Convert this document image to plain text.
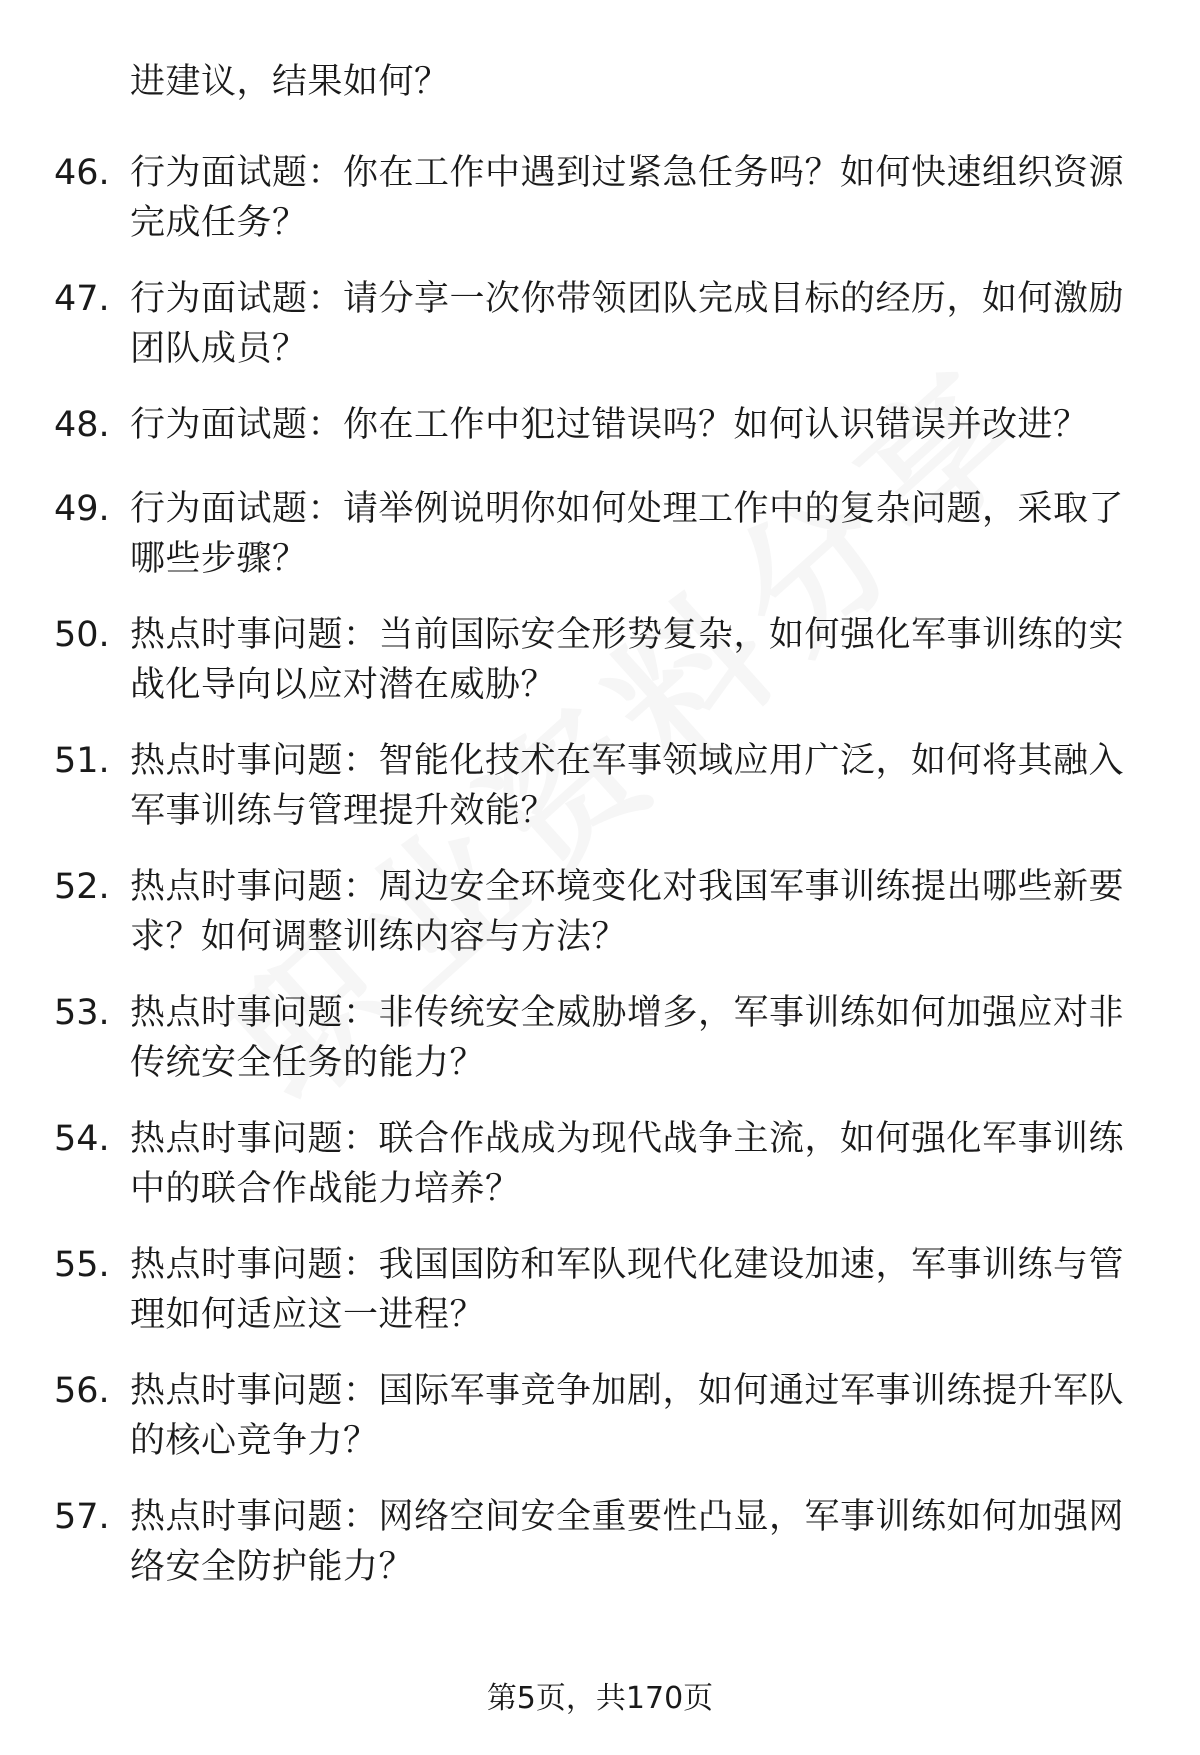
进建议，结果如何？
46. 行为面试题：你在工作中遇到过紧急任务吗？如何快速组织资源完成任务？
47. 行为面试题：请分享一次你带领团队完成目标的经历，如何激励团队成员？
48. 行为面试题：你在工作中犯过错误吗？如何认识错误并改进？
49. 行为面试题：请举例说明你如何处理工作中的复杂问题，采取了哪些步骤？
50. 热点时事问题：当前国际安全形势复杂，如何强化军事训练的实战化导向以应对潜在威胁？
51. 热点时事问题：智能化技术在军事领域应用广泛，如何将其融入军事训练与管理提升效能？
52. 热点时事问题：周边安全环境变化对我国军事训练提出哪些新要求？如何调整训练内容与方法？
53. 热点时事问题：非传统安全威胁增多，军事训练如何加强应对非传统安全任务的能力？
54. 热点时事问题：联合作战成为现代战争主流，如何强化军事训练中的联合作战能力培养？
55. 热点时事问题：我国国防和军队现代化建设加速，军事训练与管理如何适应这一进程？
56. 热点时事问题：国际军事竞争加剧，如何通过军事训练提升军队的核心竞争力？
57. 热点时事问题：网络空间安全重要性凸显，军事训练如何加强网络安全防护能力？
第5页，共170页
